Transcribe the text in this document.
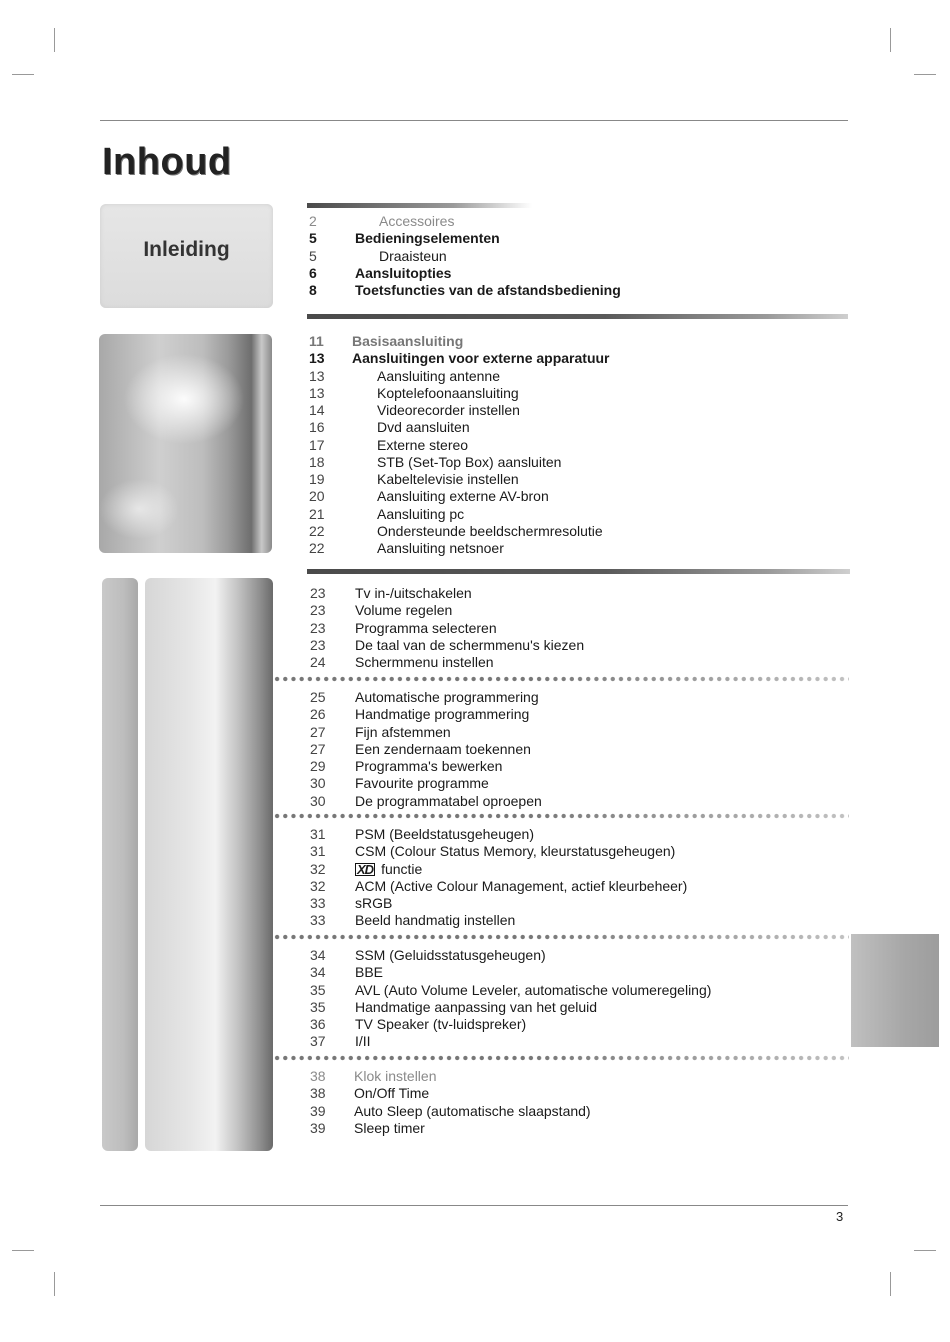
Inhoud
Inleiding
2	Accessoires
5	Bedieningselementen
5	Draaisteun
6	Aansluitopties
8	Toetsfuncties van de afstandsbediening
11 Basisaansluiting
13 Aansluitingen voor externe apparatuur
13	Aansluiting antenne
13	Koptelefoonaansluiting
14	Videorecorder instellen
16	Dvd aansluiten
17	Externe stereo
18	STB (Set-Top Box) aansluiten
19	Kabeltelevisie instellen
20	Aansluiting externe AV-bron
21	Aansluiting pc
22	Ondersteunde beeldschermresolutie
22	Aansluiting netsnoer
23 Tv in-/uitschakelen
23 Volume regelen
23 Programma selecteren
23 De taal van de schermmenu's kiezen
24 Schermmenu instellen
25 Automatische programmering
26 Handmatige programmering
27 Fijn afstemmen
27 Een zendernaam toekennen
29 Programma's bewerken
30 Favourite programme
30 De programmatabel oproepen
31 PSM (Beeldstatusgeheugen)
31 CSM (Colour Status Memory, kleurstatusgeheugen)
32 XD functie
32 ACM (Active Colour Management, actief kleurbeheer)
33 sRGB
33 Beeld handmatig instellen
34 SSM (Geluidsstatusgeheugen)
34 BBE
35 AVL (Auto Volume Leveler, automatische volumeregeling)
35 Handmatige aanpassing van het geluid
36 TV Speaker (tv-luidspreker)
37 I/II
38 Klok instellen
38 On/Off Time
39 Auto Sleep (automatische slaapstand)
39 Sleep timer
3
